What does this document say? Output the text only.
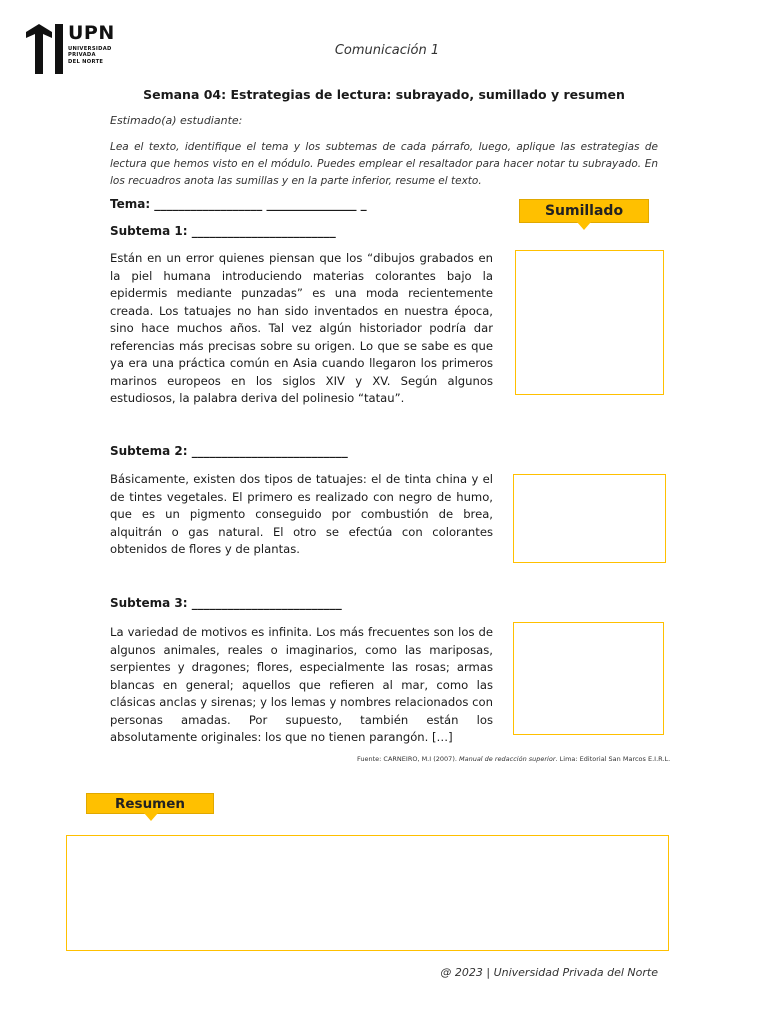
UPN
UNIVERSIDAD
PRIVADA
DEL NORTE
Comunicación 1
Semana 04: Estrategias de lectura: subrayado, sumillado y resumen
Estimado(a) estudiante:
Lea el texto, identifique el tema y los subtemas de cada párrafo, luego, aplique las estrategias de lectura que hemos visto en el módulo. Puedes emplear el resaltador para hacer notar tu subrayado. En los recuadros anota las sumillas y en la parte inferior, resume el texto.
Tema: __________________ _______________ _	Sumillado
Subtema 1: ________________________
Están en un error quienes piensan que los “dibujos grabados en la piel humana introduciendo materias colorantes bajo la epidermis mediante punzadas” es una moda recientemente creada. Los tatuajes no han sido inventados en nuestra época, sino hace muchos años. Tal vez algún historiador podría dar referencias más precisas sobre su origen. Lo que se sabe es que ya era una práctica común en Asia cuando llegaron los primeros marinos europeos en los siglos XIV y XV. Según algunos estudiosos, la palabra deriva del polinesio “tatau”.
Subtema 2: __________________________
Básicamente, existen dos tipos de tatuajes: el de tinta china y el de tintes vegetales. El primero es realizado con negro de humo, que es un pigmento conseguido por combustión de brea, alquitrán o gas natural. El otro se efectúa con colorantes obtenidos de flores y de plantas.
Subtema 3: _________________________
La variedad de motivos es infinita. Los más frecuentes son los de algunos animales, reales o imaginarios, como las mariposas, serpientes y dragones; flores, especialmente las rosas; armas blancas en general; aquellos que refieren al mar, como las clásicas anclas y sirenas; y los lemas y nombres relacionados con personas amadas. Por supuesto, también están los absolutamente originales: los que no tienen parangón. […]
Fuente: CARNEIRO, M.I (2007). Manual de redacción superior. Lima: Editorial San Marcos E.I.R.L.
Resumen
@ 2023 | Universidad Privada del Norte
